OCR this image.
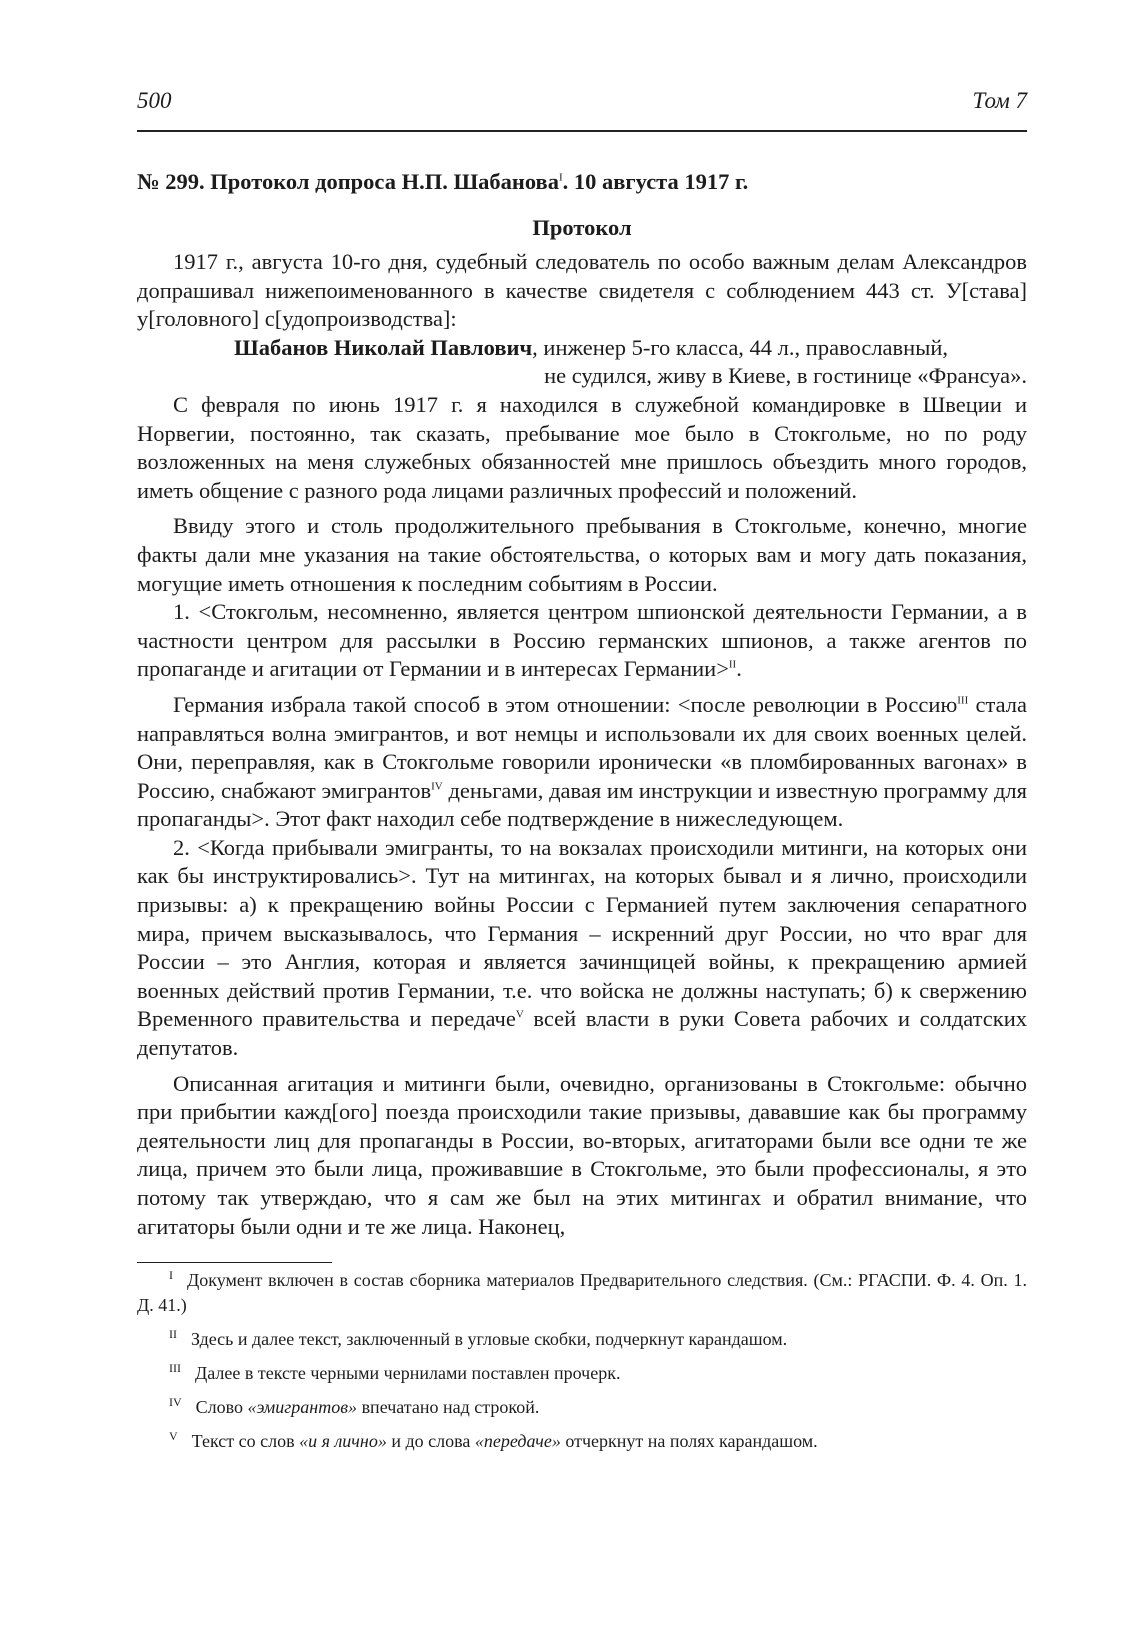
500	Том 7
№ 299. Протокол допроса Н.П. Шабанова$^I$. 10 августа 1917 г.
Протокол

1917 г., августа 10-го дня, судебный следователь по особо важным делам Александров допрашивал нижепоименованного в качестве свидетеля с соблюдением 443 ст. У[става] у[головного] с[удопроизводства]:

Шабанов Николай Павлович, инженер 5-го класса, 44 л., православный,
не судился, живу в Киеве, в гостинице «Франсуа».

С февраля по июнь 1917 г. я находился в служебной командировке в Швеции и Норвегии, постоянно, так сказать, пребывание мое было в Стокгольме, но по роду возложенных на меня служебных обязанностей мне пришлось объездить много городов, иметь общение с разного рода лицами различных профессий и положений.

Ввиду этого и столь продолжительного пребывания в Стокгольме, конечно, многие факты дали мне указания на такие обстоятельства, о которых вам и могу дать показания, могущие иметь отношения к последним событиям в России.

1. <Стокгольм, несомненно, является центром шпионской деятельности Германии, а в частности центром для рассылки в Россию германских шпионов, а также агентов по пропаганде и агитации от Германии и в интересах Германии>$^{II}$.

Германия избрала такой способ в этом отношении: <после революции в Россию$^{III}$ стала направляться волна эмигрантов, и вот немцы и использовали их для своих военных целей. Они, переправляя, как в Стокгольме говорили иронически «в пломбированных вагонах» в Россию, снабжают эмигрантов$^{IV}$ деньгами, давая им инструкции и известную программу для пропаганды>. Этот факт находил себе подтверждение в нижеследующем.

2. <Когда прибывали эмигранты, то на вокзалах происходили митинги, на которых они как бы инструктировались>. Тут на митингах, на которых бывал и я лично, происходили призывы: а) к прекращению войны России с Германией путем заключения сепаратного мира, причем высказывалось, что Германия – искренний друг России, но что враг для России – это Англия, которая и является зачинщицей войны, к прекращению армией военных действий против Германии, т.е. что войска не должны наступать; б) к свержению Временного правительства и передаче$^V$ всей власти в руки Совета рабочих и солдатских депутатов.

Описанная агитация и митинги были, очевидно, организованы в Стокгольме: обычно при прибытии кажд[ого] поезда происходили такие призывы, дававшие как бы программу деятельности лиц для пропаганды в России, во-вторых, агитаторами были все одни те же лица, причем это были лица, проживавшие в Стокгольме, это были профессионалы, я это потому так утверждаю, что я сам же был на этих митингах и обратил внимание, что агитаторы были одни и те же лица. Наконец,

$^I$ Документ включен в состав сборника материалов Предварительного следствия. (См.: РГАСПИ. Ф. 4. Оп. 1. Д. 41.)

$^{II}$ Здесь и далее текст, заключенный в угловые скобки, подчеркнут карандашом.

$^{III}$ Далее в тексте черными чернилами поставлен прочерк.

$^{IV}$ Слово «эмигрантов» впечатано над строкой.

$^V$ Текст со слов «и я лично» и до слова «передаче» отчеркнут на полях карандашом.
